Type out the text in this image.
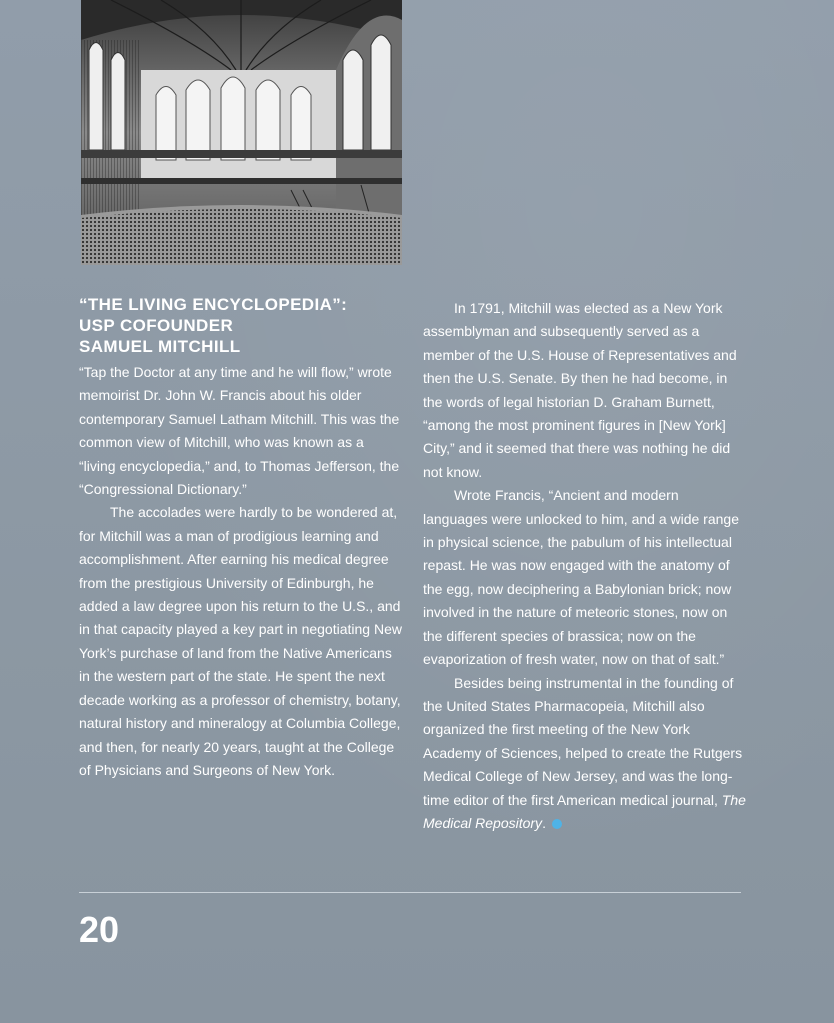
“THE LIVING ENCYCLOPEDIA”:
USP COFOUNDER
SAMUEL MITCHILL

“Tap the Doctor at any time and he will flow,” wrote memoirist Dr. John W. Francis about his older contemporary Samuel Latham Mitchill. This was the common view of Mitchill, who was known as a “living encyclopedia,” and, to Thomas Jefferson, the “Congressional Dictionary.”

The accolades were hardly to be wondered at, for Mitchill was a man of prodigious learning and accomplishment. After earning his medical degree from the prestigious University of Edinburgh, he added a law degree upon his return to the U.S., and in that capacity played a key part in negotiating New York’s purchase of land from the Native Americans in the western part of the state. He spent the next decade working as a professor of chemistry, botany, natural history and mineralogy at Columbia College, and then, for nearly 20 years, taught at the College of Physicians and Surgeons of New York.

In 1791, Mitchill was elected as a New York assemblyman and subsequently served as a member of the U.S. House of Representatives and then the U.S. Senate. By then he had become, in the words of legal historian D. Graham Burnett, “among the most prominent figures in [New York] City,” and it seemed that there was nothing he did not know.

Wrote Francis, “Ancient and modern languages were unlocked to him, and a wide range in physical science, the pabulum of his intellectual repast. He was now engaged with the anatomy of the egg, now deciphering a Babylonian brick; now involved in the nature of meteoric stones, now on the different species of brassica; now on the evaporization of fresh water, now on that of salt.”

Besides being instrumental in the founding of the United States Pharmacopeia, Mitchill also organized the first meeting of the New York Academy of Sciences, helped to create the Rutgers Medical College of New Jersey, and was the long-time editor of the first American medical journal, The Medical Repository.

20
